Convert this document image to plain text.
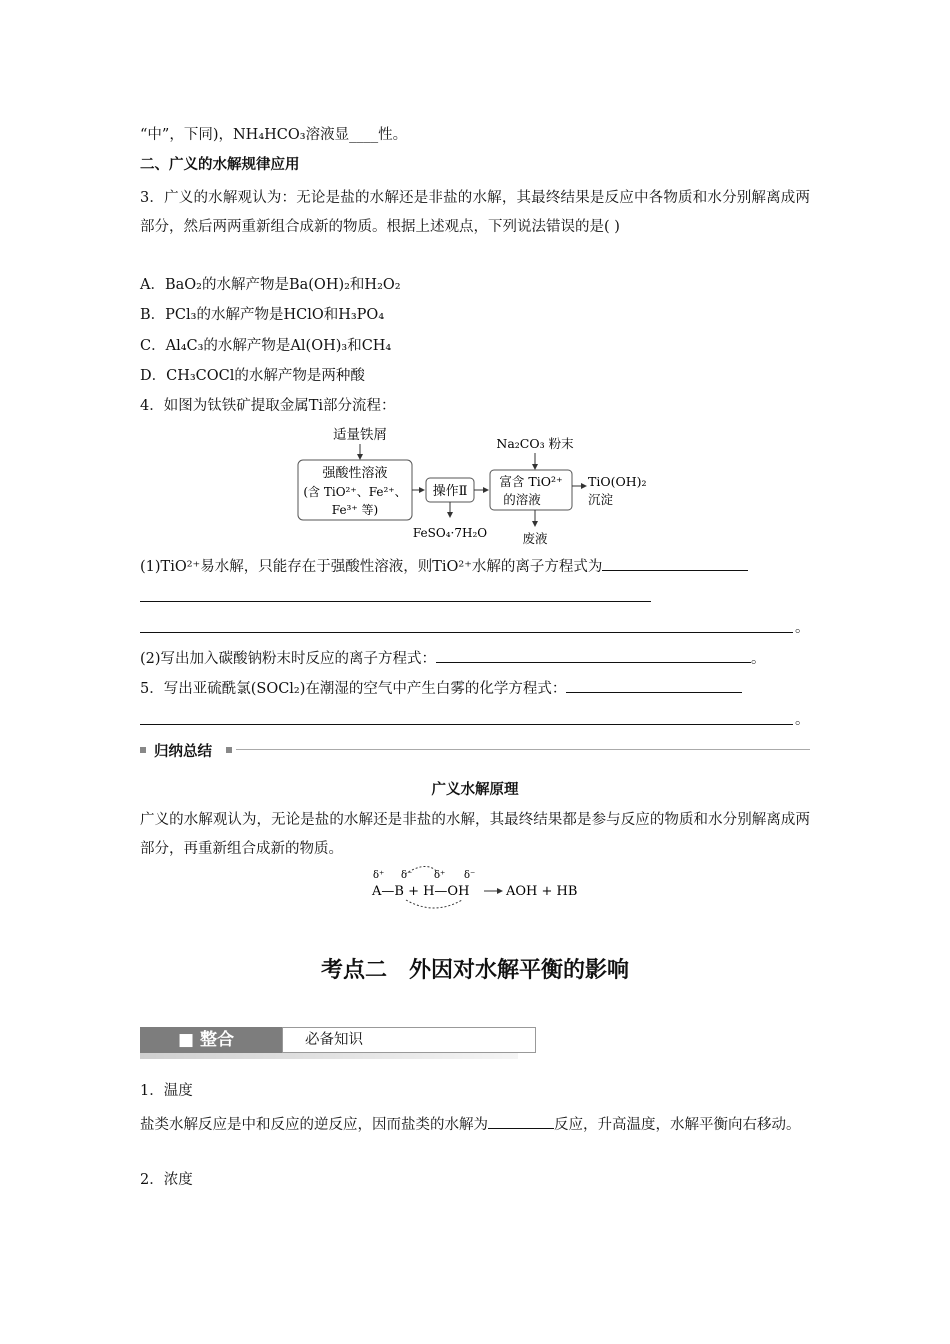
“中”，下同)，NH₄HCO₃溶液显____性。
二、广义的水解规律应用
3．广义的水解观认为：无论是盐的水解还是非盐的水解，其最终结果是反应中各物质和水分别解离成两部分，然后两两重新组合成新的物质。根据上述观点，下列说法错误的是( )
A．BaO₂的水解产物是Ba(OH)₂和H₂O₂
B．PCl₃的水解产物是HClO和H₃PO₄
C．Al₄C₃的水解产物是Al(OH)₃和CH₄
D．CH₃COCl的水解产物是两种酸
4．如图为钛铁矿提取金属Ti部分流程：
适量铁屑
强酸性溶液
(含 TiO²⁺、Fe²⁺、
Fe³⁺ 等)
操作Ⅱ
FeSO₄·7H₂O
Na₂CO₃ 粉末
富含 TiO²⁺
的溶液
废液
TiO(OH)₂
沉淀
(1)TiO²⁺易水解，只能存在于强酸性溶液，则TiO²⁺水解的离子方程式为
。
(2)写出加入碳酸钠粉末时反应的离子方程式：	。
5．写出亚硫酰氯(SOCl₂)在潮湿的空气中产生白雾的化学方程式：
。
归纳总结
广义水解原理
广义的水解观认为，无论是盐的水解还是非盐的水解，其最终结果都是参与反应的物质和水分别解离成两部分，再重新组合成新的物质。
δ⁺ δ⁻ δ⁺ δ⁻
A—B + H—OH	AOH + HB
考点二　外因对水解平衡的影响
■ 整合	必备知识
1．温度
盐类水解反应是中和反应的逆反应，因而盐类的水解为	反应，升高温度，水解平衡向右移动。
2．浓度
